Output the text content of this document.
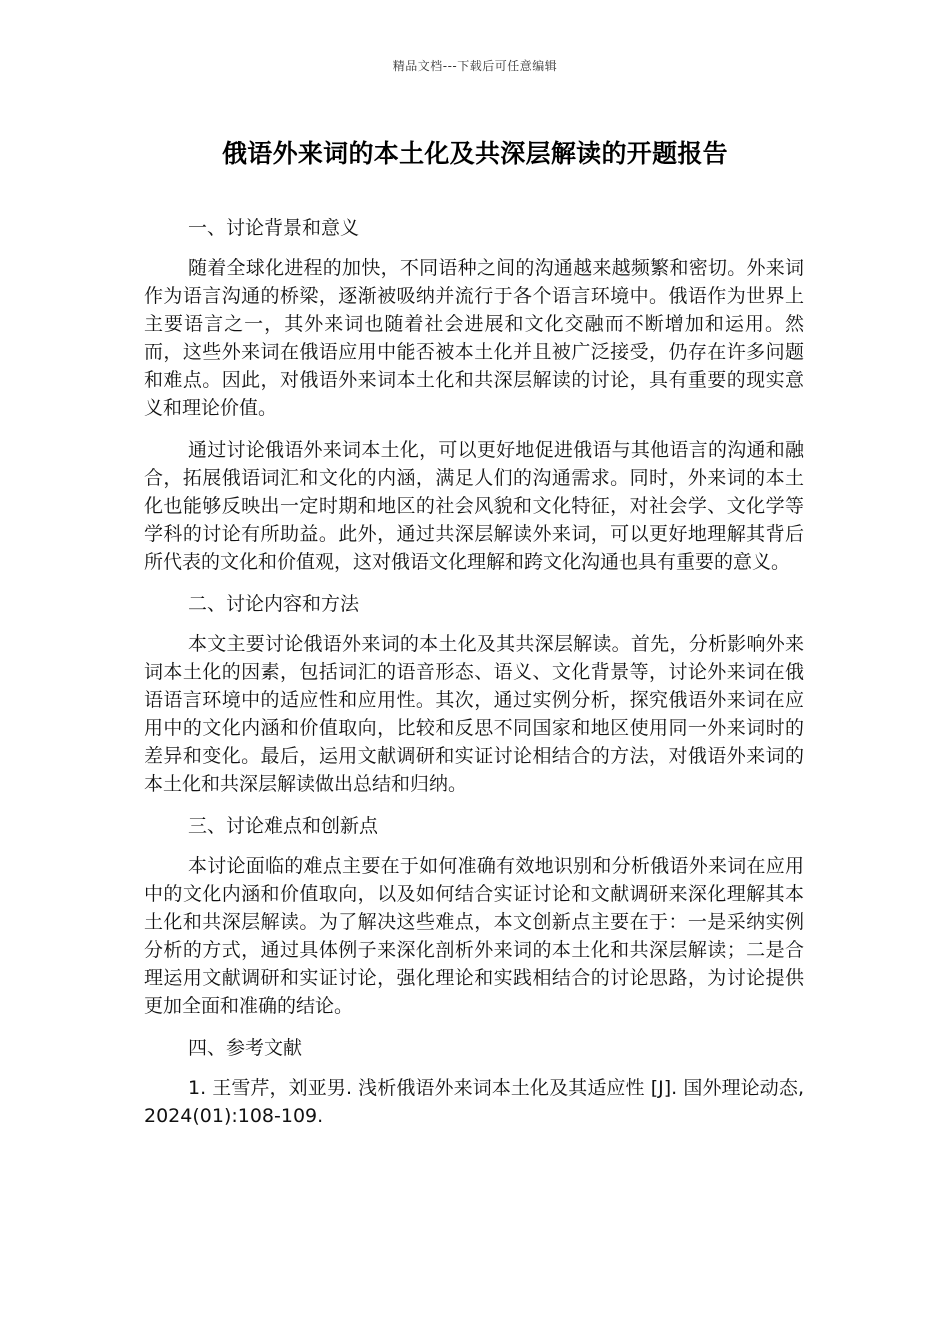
精品文档---下载后可任意编辑
俄语外来词的本土化及共深层解读的开题报告
一、讨论背景和意义

随着全球化进程的加快，不同语种之间的沟通越来越频繁和密切。外来词作为语言沟通的桥梁，逐渐被吸纳并流行于各个语言环境中。俄语作为世界上主要语言之一，其外来词也随着社会进展和文化交融而不断增加和运用。然而，这些外来词在俄语应用中能否被本土化并且被广泛接受，仍存在许多问题和难点。因此，对俄语外来词本土化和共深层解读的讨论，具有重要的现实意义和理论价值。

通过讨论俄语外来词本土化，可以更好地促进俄语与其他语言的沟通和融合，拓展俄语词汇和文化的内涵，满足人们的沟通需求。同时，外来词的本土化也能够反映出一定时期和地区的社会风貌和文化特征，对社会学、文化学等学科的讨论有所助益。此外，通过共深层解读外来词，可以更好地理解其背后所代表的文化和价值观，这对俄语文化理解和跨文化沟通也具有重要的意义。

二、讨论内容和方法

本文主要讨论俄语外来词的本土化及其共深层解读。首先，分析影响外来词本土化的因素，包括词汇的语音形态、语义、文化背景等，讨论外来词在俄语语言环境中的适应性和应用性。其次，通过实例分析，探究俄语外来词在应用中的文化内涵和价值取向，比较和反思不同国家和地区使用同一外来词时的差异和变化。最后，运用文献调研和实证讨论相结合的方法，对俄语外来词的本土化和共深层解读做出总结和归纳。

三、讨论难点和创新点

本讨论面临的难点主要在于如何准确有效地识别和分析俄语外来词在应用中的文化内涵和价值取向，以及如何结合实证讨论和文献调研来深化理解其本土化和共深层解读。为了解决这些难点，本文创新点主要在于：一是采纳实例分析的方式，通过具体例子来深化剖析外来词的本土化和共深层解读；二是合理运用文献调研和实证讨论，强化理论和实践相结合的讨论思路，为讨论提供更加全面和准确的结论。

四、参考文献

1. 王雪芹，刘亚男. 浅析俄语外来词本土化及其适应性 [J]. 国外理论动态, 2024(01):108-109.
